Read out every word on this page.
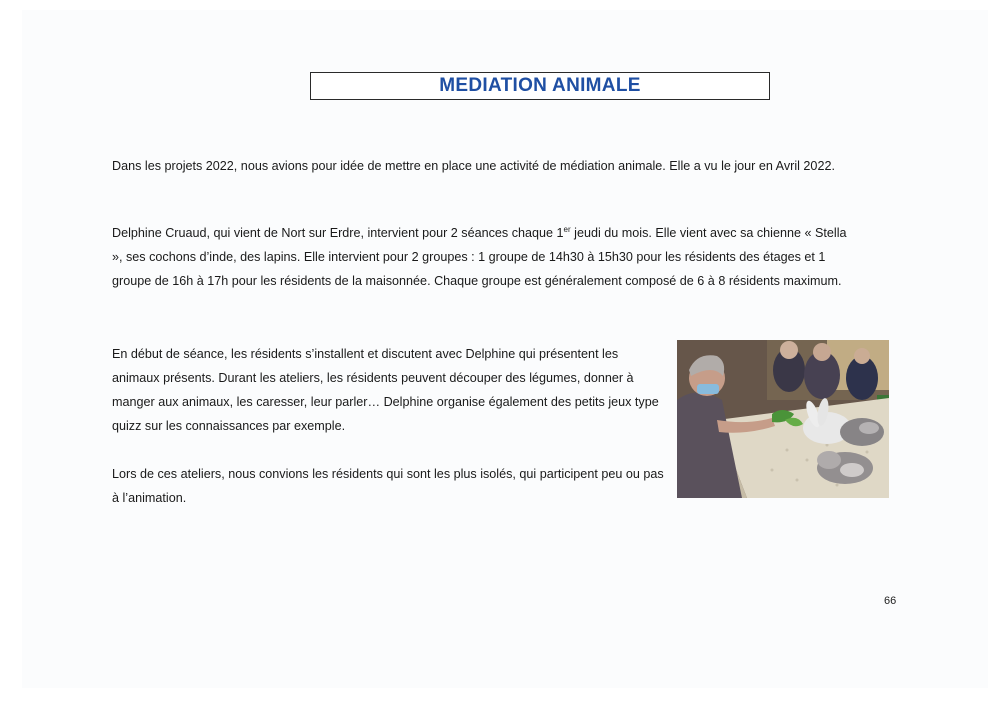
MEDIATION ANIMALE

Dans les projets 2022, nous avions pour idée de mettre en place une activité de médiation animale. Elle a vu le jour en Avril 2022.

Delphine Cruaud, qui vient de Nort sur Erdre, intervient pour 2 séances chaque 1er jeudi du mois. Elle vient avec sa chienne « Stella », ses cochons d’inde, des lapins. Elle intervient pour 2 groupes : 1 groupe de 14h30 à 15h30 pour les résidents des étages et 1 groupe de 16h à 17h pour les résidents de la maisonnée. Chaque groupe est généralement composé de 6 à 8 résidents maximum.

En début de séance, les résidents s’installent et discutent avec Delphine qui présentent les animaux présents. Durant les ateliers, les résidents peuvent découper des légumes, donner à manger aux animaux, les caresser, leur parler… Delphine organise également des petits jeux type quizz sur les connaissances par exemple.

Lors de ces ateliers, nous convions les résidents qui sont les plus isolés, qui participent peu ou pas à l’animation.

66
